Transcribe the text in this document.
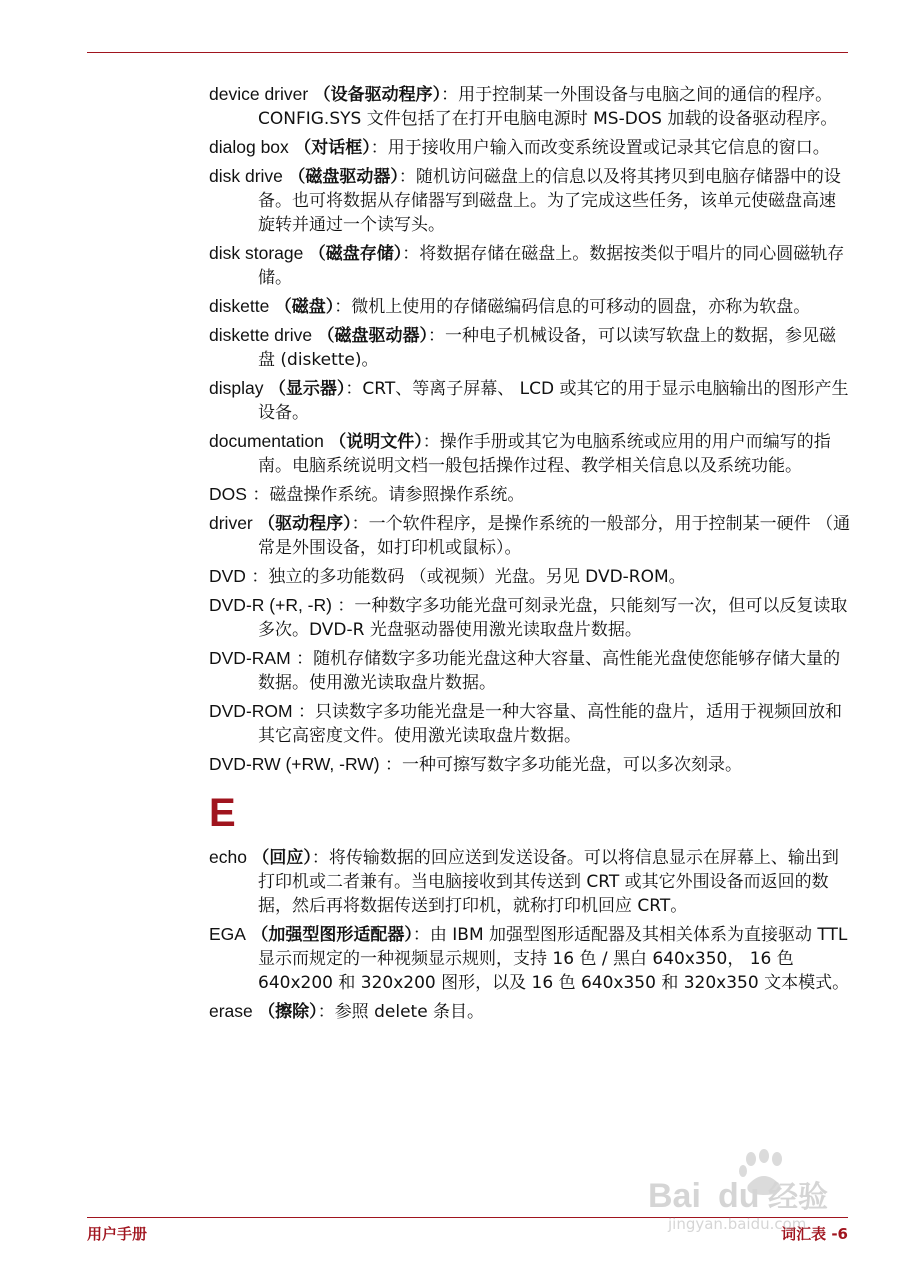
device driver （设备驱动程序）：用于控制某一外围设备与电脑之间的通信的程序。CONFIG.SYS 文件包括了在打开电脑电源时 MS-DOS 加载的设备驱动程序。
dialog box （对话框）：用于接收用户输入而改变系统设置或记录其它信息的窗口。
disk drive （磁盘驱动器）：随机访问磁盘上的信息以及将其拷贝到电脑存储器中的设备。也可将数据从存储器写到磁盘上。为了完成这些任务，该单元使磁盘高速旋转并通过一个读写头。
disk storage （磁盘存储）：将数据存储在磁盘上。数据按类似于唱片的同心圆磁轨存储。
diskette （磁盘）：微机上使用的存储磁编码信息的可移动的圆盘，亦称为软盘。
diskette drive （磁盘驱动器）：一种电子机械设备，可以读写软盘上的数据，参见磁盘 (diskette)。
display （显示器）：CRT、等离子屏幕、 LCD 或其它的用于显示电脑输出的图形产生设备。
documentation （说明文件）：操作手册或其它为电脑系统或应用的用户而编写的指南。电脑系统说明文档一般包括操作过程、教学相关信息以及系统功能。
DOS ：磁盘操作系统。请参照操作系统。
driver （驱动程序）：一个软件程序，是操作系统的一般部分，用于控制某一硬件 （通常是外围设备，如打印机或鼠标）。
DVD ：独立的多功能数码 （或视频）光盘。另见 DVD-ROM。
DVD-R (+R, -R) ：一种数字多功能光盘可刻录光盘，只能刻写一次，但可以反复读取多次。DVD-R 光盘驱动器使用激光读取盘片数据。
DVD-RAM ：随机存储数字多功能光盘这种大容量、高性能光盘使您能够存储大量的数据。使用激光读取盘片数据。
DVD-ROM ：只读数字多功能光盘是一种大容量、高性能的盘片，适用于视频回放和其它高密度文件。使用激光读取盘片数据。
DVD-RW (+RW, -RW) ：一种可擦写数字多功能光盘，可以多次刻录。
E
echo （回应）：将传输数据的回应送到发送设备。可以将信息显示在屏幕上、输出到打印机或二者兼有。当电脑接收到其传送到 CRT 或其它外围设备而返回的数据，然后再将数据传送到打印机，就称打印机回应 CRT。
EGA （加强型图形适配器）：由 IBM 加强型图形适配器及其相关体系为直接驱动 TTL 显示而规定的一种视频显示规则，支持 16 色 / 黑白 640x350， 16 色 640x200 和 320x200 图形，以及 16 色 640x350 和 320x350 文本模式。
erase （擦除）：参照 delete 条目。
用户手册	词汇表 -6
Bai du 经验
jingyan.baidu.com
